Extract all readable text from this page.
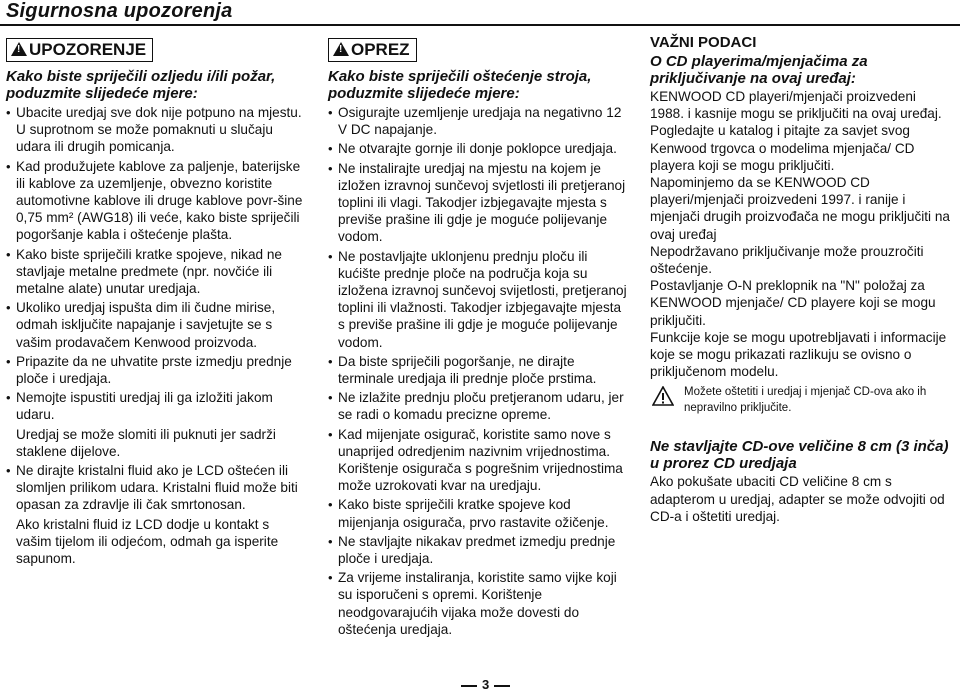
Sigurnosna upozorenja
! UPOZORENJE
Kako biste spriječili ozljedu i/ili požar, poduzmite slijedeće mjere:
• Ubacite uredjaj sve dok nije potpuno na mjestu. U suprotnom se može pomaknuti u slučaju udara ili drugih pomicanja.
• Kad produžujete kablove za paljenje, baterijske ili kablove za uzemljenje, obvezno koristite automotivne kablove ili druge kablove povr-šine 0,75 mm² (AWG18) ili veće, kako biste spriječili pogoršanje kabla i oštećenje plašta.
• Kako biste spriječili kratke spojeve, nikad ne stavljaje metalne predmete (npr. novčiće ili metalne alate) unutar uredjaja.
• Ukoliko uredjaj ispušta dim ili čudne mirise, odmah isključite napajanje i savjetujte se s vašim prodavačem Kenwood proizvoda.
• Pripazite da ne uhvatite prste izmedju prednje ploče i uredjaja.
• Nemojte ispustiti uredjaj ili ga izložiti jakom udaru.
Uredjaj se može slomiti ili puknuti jer sadrži staklene dijelove.
• Ne dirajte kristalni fluid ako je LCD oštećen ili slomljen prilikom udara. Kristalni fluid može biti opasan za zdravlje ili čak smrtonosan.
Ako kristalni fluid iz LCD dodje u kontakt s vašim tijelom ili odjećom, odmah ga isperite sapunom.
! OPREZ
Kako biste spriječili oštećenje stroja, poduzmite slijedeće mjere:
• Osigurajte uzemljenje uredjaja na negativno 12 V DC napajanje.
• Ne otvarajte gornje ili donje poklopce uredjaja.
• Ne instalirajte uredjaj na mjestu na kojem je izložen izravnoj sunčevoj svjetlosti ili pretjeranoj toplini ili vlagi. Takodjer izbjegavajte mjesta s previše prašine ili gdje je moguće polijevanje vodom.
• Ne postavljajte uklonjenu prednju ploču ili kućište prednje ploče na područja koja su izložena izravnoj sunčevoj svijetlosti, pretjeranoj toplini ili vlažnosti. Takodjer izbjegavajte mjesta s previše prašine ili gdje je moguće polijevanje vodom.
• Da biste spriječili pogoršanje, ne dirajte terminale uredjaja ili prednje ploče prstima.
• Ne izlažite prednju ploču pretjeranom udaru, jer se radi o komadu precizne opreme.
• Kad mijenjate osigurač, koristite samo nove s unaprijed odredjenim nazivnim vrijednostima. Korištenje osigurača s pogrešnim vrijednostima može uzrokovati kvar na uredjaju.
• Kako biste spriječili kratke spojeve kod mijenjanja osigurača, prvo rastavite ožičenje.
• Ne stavljajte nikakav predmet izmedju prednje ploče i uredjaja.
• Za vrijeme instaliranja, koristite samo vijke koji su isporučeni s opremi. Korištenje neodgovarajućih vijaka može dovesti do oštećenja uredjaja.
VAŽNI PODACI
O CD playerima/mjenjačima za priključivanje na ovaj uređaj:
KENWOOD CD playeri/mjenjači proizvedeni 1988. i kasnije mogu se priključiti na ovaj uređaj.
Pogledajte u katalog i pitajte za savjet svog Kenwood trgovca o modelima mjenjača/ CD playera koji se mogu priključiti.
Napominjemo da se KENWOOD CD playeri/mjenjači proizvedeni 1997. i ranije i mjenjači drugih proizvođača ne mogu priključiti na ovaj uređaj
Nepodržavano priključivanje može prouzročiti oštećenje.
Postavljanje O-N preklopnik na "N" položaj za KENWOOD mjenjače/ CD playere koji se mogu priključiti.
Funkcije koje se mogu upotrebljavati i informacije koje se mogu prikazati razlikuju se ovisno o priključenom modelu.
Možete oštetiti i uredjaj i mjenjač CD-ova ako ih nepravilno priključite.
Ne stavljajte CD-ove veličine 8 cm (3 inča) u prorez CD uredjaja
Ako pokušate ubaciti CD veličine 8 cm s adapterom u uredjaj, adapter se može odvojiti od CD-a i oštetiti uredjaj.
3
